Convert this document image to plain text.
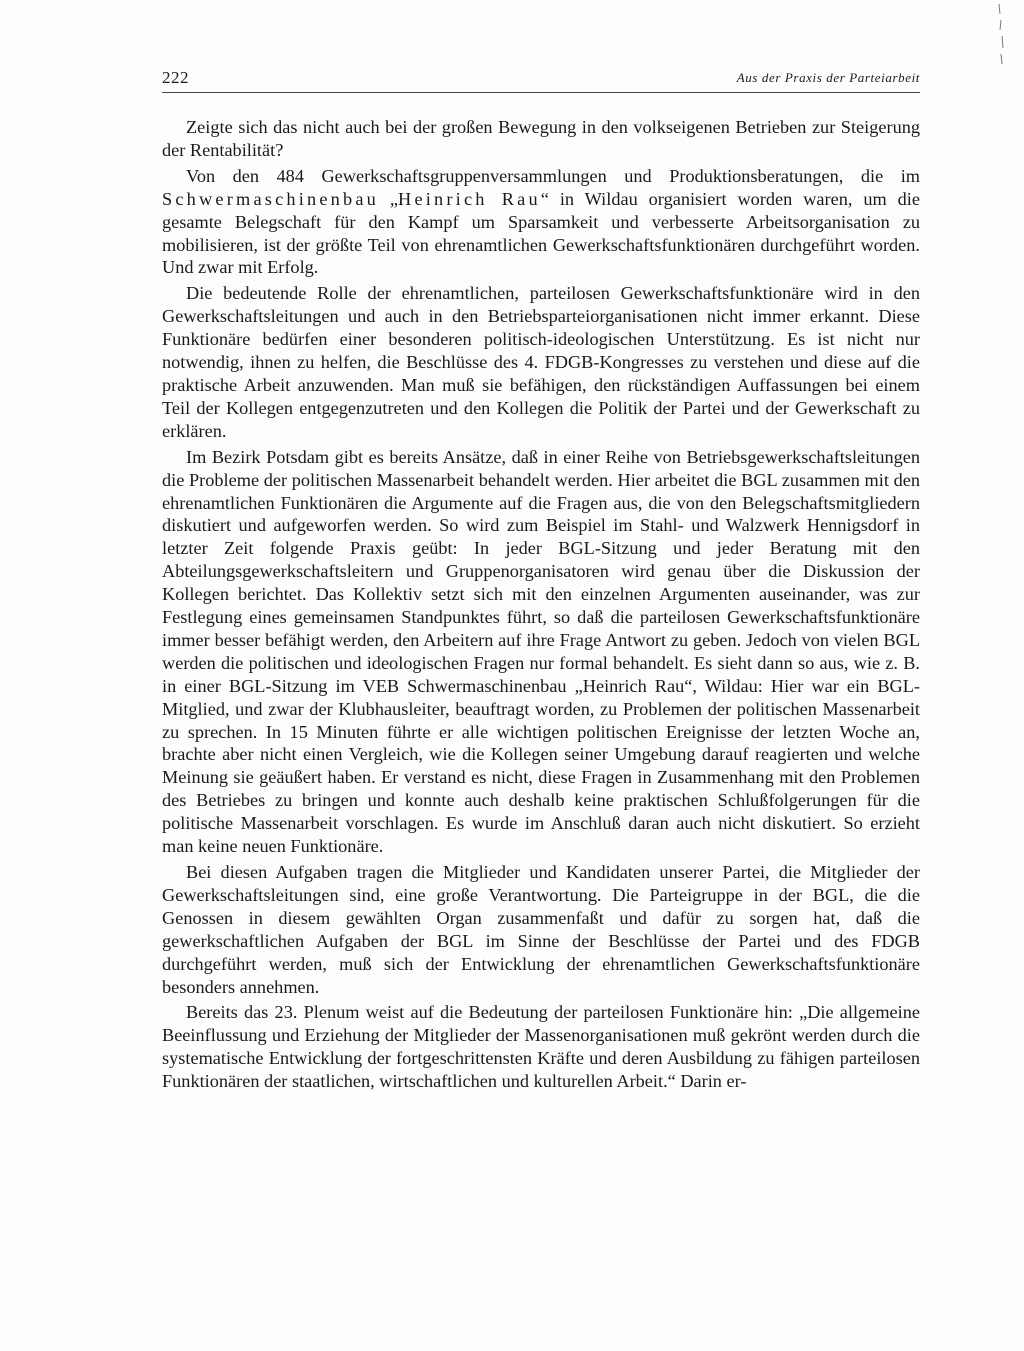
222	Aus der Praxis der Parteiarbeit

Zeigte sich das nicht auch bei der großen Bewegung in den volkseigenen Betrieben zur Steigerung der Rentabilität?

Von den 484 Gewerkschaftsgruppenversammlungen und Produktionsberatungen, die im Schwermaschinenbau „Heinrich Rau“ in Wildau organisiert worden waren, um die gesamte Belegschaft für den Kampf um Sparsamkeit und verbesserte Arbeitsorganisation zu mobilisieren, ist der größte Teil von ehrenamtlichen Gewerkschaftsfunktionären durchgeführt worden. Und zwar mit Erfolg.

Die bedeutende Rolle der ehrenamtlichen, parteilosen Gewerkschaftsfunktionäre wird in den Gewerkschaftsleitungen und auch in den Betriebsparteiorganisationen nicht immer erkannt. Diese Funktionäre bedürfen einer besonderen politisch-ideologischen Unterstützung. Es ist nicht nur notwendig, ihnen zu helfen, die Beschlüsse des 4. FDGB-Kongresses zu verstehen und diese auf die praktische Arbeit anzuwenden. Man muß sie befähigen, den rückständigen Auffassungen bei einem Teil der Kollegen entgegenzutreten und den Kollegen die Politik der Partei und der Gewerkschaft zu erklären.

Im Bezirk Potsdam gibt es bereits Ansätze, daß in einer Reihe von Betriebsgewerkschaftsleitungen die Probleme der politischen Massenarbeit behandelt werden. Hier arbeitet die BGL zusammen mit den ehrenamtlichen Funktionären die Argumente auf die Fragen aus, die von den Belegschaftsmitgliedern diskutiert und aufgeworfen werden. So wird zum Beispiel im Stahl- und Walzwerk Hennigsdorf in letzter Zeit folgende Praxis geübt: In jeder BGL-Sitzung und jeder Beratung mit den Abteilungsgewerkschaftsleitern und Gruppenorganisatoren wird genau über die Diskussion der Kollegen berichtet. Das Kollektiv setzt sich mit den einzelnen Argumenten auseinander, was zur Festlegung eines gemeinsamen Standpunktes führt, so daß die parteilosen Gewerkschaftsfunktionäre immer besser befähigt werden, den Arbeitern auf ihre Frage Antwort zu geben. Jedoch von vielen BGL werden die politischen und ideologischen Fragen nur formal behandelt. Es sieht dann so aus, wie z. B. in einer BGL-Sitzung im VEB Schwermaschinenbau „Heinrich Rau“, Wildau: Hier war ein BGL-Mitglied, und zwar der Klubhausleiter, beauftragt worden, zu Problemen der politischen Massenarbeit zu sprechen. In 15 Minuten führte er alle wichtigen politischen Ereignisse der letzten Woche an, brachte aber nicht einen Vergleich, wie die Kollegen seiner Umgebung darauf reagierten und welche Meinung sie geäußert haben. Er verstand es nicht, diese Fragen in Zusammenhang mit den Problemen des Betriebes zu bringen und konnte auch deshalb keine praktischen Schlußfolgerungen für die politische Massenarbeit vorschlagen. Es wurde im Anschluß daran auch nicht diskutiert. So erzieht man keine neuen Funktionäre.

Bei diesen Aufgaben tragen die Mitglieder und Kandidaten unserer Partei, die Mitglieder der Gewerkschaftsleitungen sind, eine große Verantwortung. Die Parteigruppe in der BGL, die die Genossen in diesem gewählten Organ zusammenfaßt und dafür zu sorgen hat, daß die gewerkschaftlichen Aufgaben der BGL im Sinne der Beschlüsse der Partei und des FDGB durchgeführt werden, muß sich der Entwicklung der ehrenamtlichen Gewerkschaftsfunktionäre besonders annehmen.

Bereits das 23. Plenum weist auf die Bedeutung der parteilosen Funktionäre hin: „Die allgemeine Beeinflussung und Erziehung der Mitglieder der Massenorganisationen muß gekrönt werden durch die systematische Entwicklung der fortgeschrittensten Kräfte und deren Ausbildung zu fähigen parteilosen Funktionären der staatlichen, wirtschaftlichen und kulturellen Arbeit.“ Darin er-
